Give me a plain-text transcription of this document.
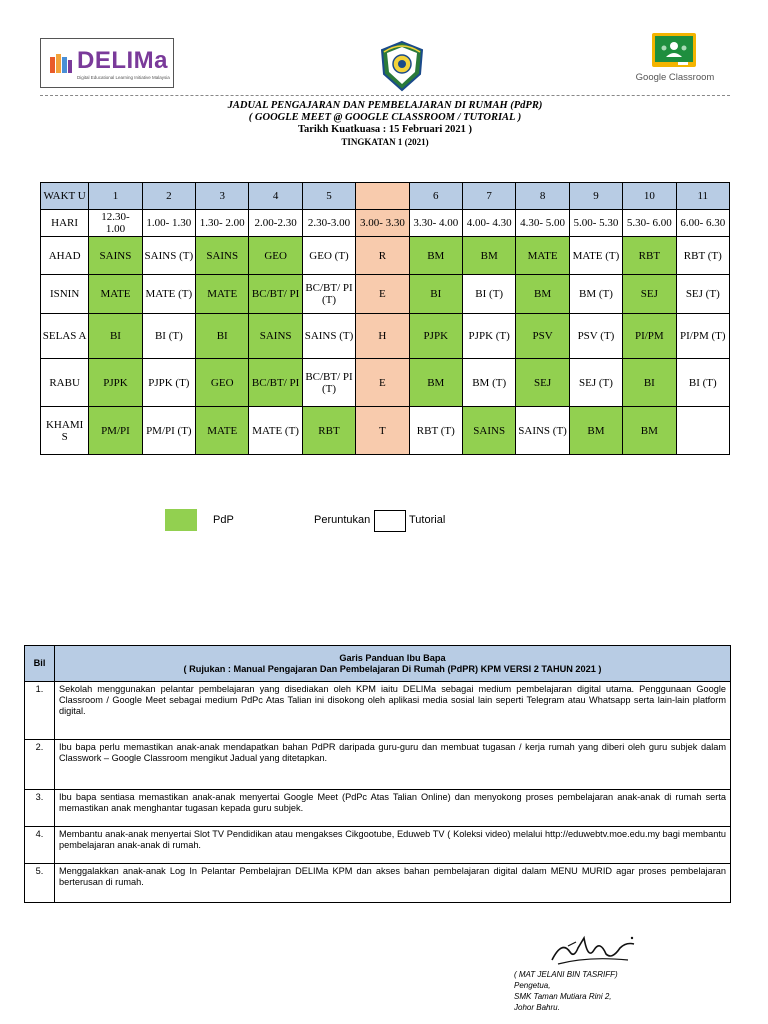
DELIMa
Digital Educational Learning Initiative Malaysia	Google Classroom
JADUAL PENGAJARAN DAN PEMBELAJARAN DI RUMAH (PdPR)
( GOOGLE MEET @ GOOGLE CLASSROOM / TUTORIAL )
Tarikh Kuatkuasa : 15 Februari 2021 )
TINGKATAN 1 (2021)
WAKT U	1	2	3	4	5		6	7	8	9	10	11
HARI	12.30- 1.00	1.00- 1.30	1.30- 2.00	2.00-2.30	2.30-3.00	3.00- 3.30	3.30- 4.00	4.00- 4.30	4.30- 5.00	5.00- 5.30	5.30- 6.00	6.00- 6.30
AHAD	SAINS	SAINS (T)	SAINS	GEO	GEO (T)	R	BM	BM	MATE	MATE (T)	RBT	RBT (T)
ISNIN	MATE	MATE (T)	MATE	BC/BT/ PI	BC/BT/ PI (T)	E	BI	BI (T)	BM	BM (T)	SEJ	SEJ (T)
SELAS A	BI	BI (T)	BI	SAINS	SAINS (T)	H	PJPK	PJPK (T)	PSV	PSV (T)	PI/PM	PI/PM (T)
RABU	PJPK	PJPK (T)	GEO	BC/BT/ PI	BC/BT/ PI (T)	E	BM	BM (T)	SEJ	SEJ (T)	BI	BI (T)
KHAMI S	PM/PI	PM/PI (T)	MATE	MATE (T)	RBT	T	RBT (T)	SAINS	SAINS (T)	BM	BM	
PdP	Peruntukan	Tutorial
Bil	Garis Panduan Ibu Bapa
( Rujukan : Manual Pengajaran Dan Pembelajaran Di Rumah (PdPR) KPM VERSI 2 TAHUN 2021 )

1.	Sekolah menggunakan pelantar pembelajaran yang disediakan oleh KPM iaitu DELIMa sebagai medium pembelajaran digital utama. Penggunaan Google Classroom / Google Meet sebagai medium PdPc Atas Talian ini disokong oleh aplikasi media sosial lain seperti Telegram atau Whatsapp serta lain-lain platform digital.
2.	Ibu bapa perlu memastikan anak-anak mendapatkan bahan PdPR daripada guru-guru dan membuat tugasan / kerja rumah yang diberi oleh guru subjek dalam Classwork – Google Classroom mengikut Jadual yang ditetapkan.
3.	Ibu bapa sentiasa memastikan anak-anak menyertai Google Meet (PdPc Atas Talian Online) dan menyokong proses pembelajaran anak-anak di rumah serta memastikan anak menghantar tugasan kepada guru subjek.
4.	Membantu anak-anak menyertai Slot TV Pendidikan atau mengakses Cikgootube, Eduweb TV ( Koleksi video) melalui http://eduwebtv.moe.edu.my bagi membantu pembelajaran anak-anak di rumah.
5.	Menggalakkan anak-anak Log In Pelantar Pembelajran DELIMa KPM dan akses bahan pembelajaran digital dalam MENU MURID agar proses pembelajaran berterusan di rumah.
( MAT JELANI BIN TASRIFF)
Pengetua,
SMK Taman Mutiara Rini 2,
Johor Bahru.
